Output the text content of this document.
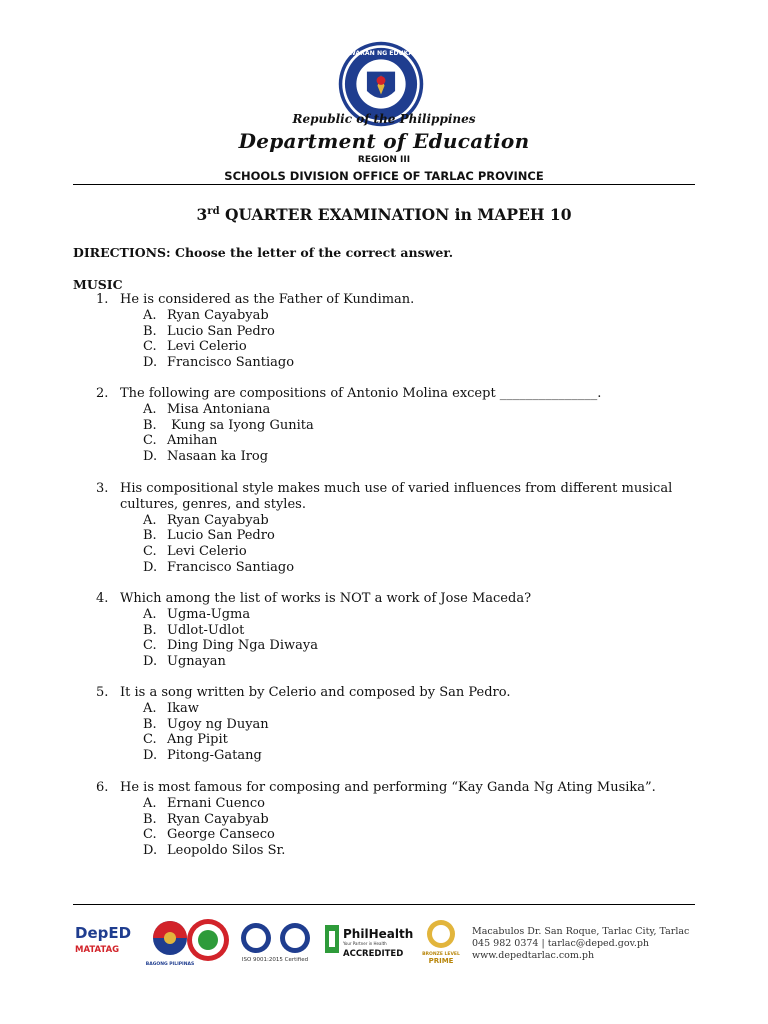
KAGAWARAN NG EDUKASYON
Republic of the Philippines
Department of Education
REGION III
SCHOOLS DIVISION OFFICE OF TARLAC PROVINCE
3rd QUARTER EXAMINATION in MAPEH 10
DIRECTIONS: Choose the letter of the correct answer.
MUSIC
1. He is considered as the Father of Kundiman.
A. Ryan Cayabyab
B. Lucio San Pedro
C. Levi Celerio
D. Francisco Santiago
2. The following are compositions of Antonio Molina except _______________.
A. Misa Antoniana
B. Kung sa Iyong Gunita
C. Amihan
D. Nasaan ka Irog
3. His compositional style makes much use of varied influences from different musical cultures, genres, and styles.
A. Ryan Cayabyab
B. Lucio San Pedro
C. Levi Celerio
D. Francisco Santiago
4. Which among the list of works is NOT a work of Jose Maceda?
A. Ugma-Ugma
B. Udlot-Udlot
C. Ding Ding Nga Diwaya
D. Ugnayan
5. It is a song written by Celerio and composed by San Pedro.
A. Ikaw
B. Ugoy ng Duyan
C. Ang Pipit
D. Pitong-Gatang
6. He is most famous for composing and performing “Kay Ganda Ng Ating Musika”.
A. Ernani Cuenco
B. Ryan Cayabyab
C. George Canseco
D. Leopoldo Silos Sr.
DepED
MATATAG
BAGONG PILIPINAS
ISO 9001:2015 Certified
PhilHealth
Your Partner in Health
ACCREDITED	BRONZE LEVEL
PRIME
Macabulos Dr. San Roque, Tarlac City, Tarlac
045 982 0374 | tarlac@deped.gov.ph
www.depedtarlac.com.ph
